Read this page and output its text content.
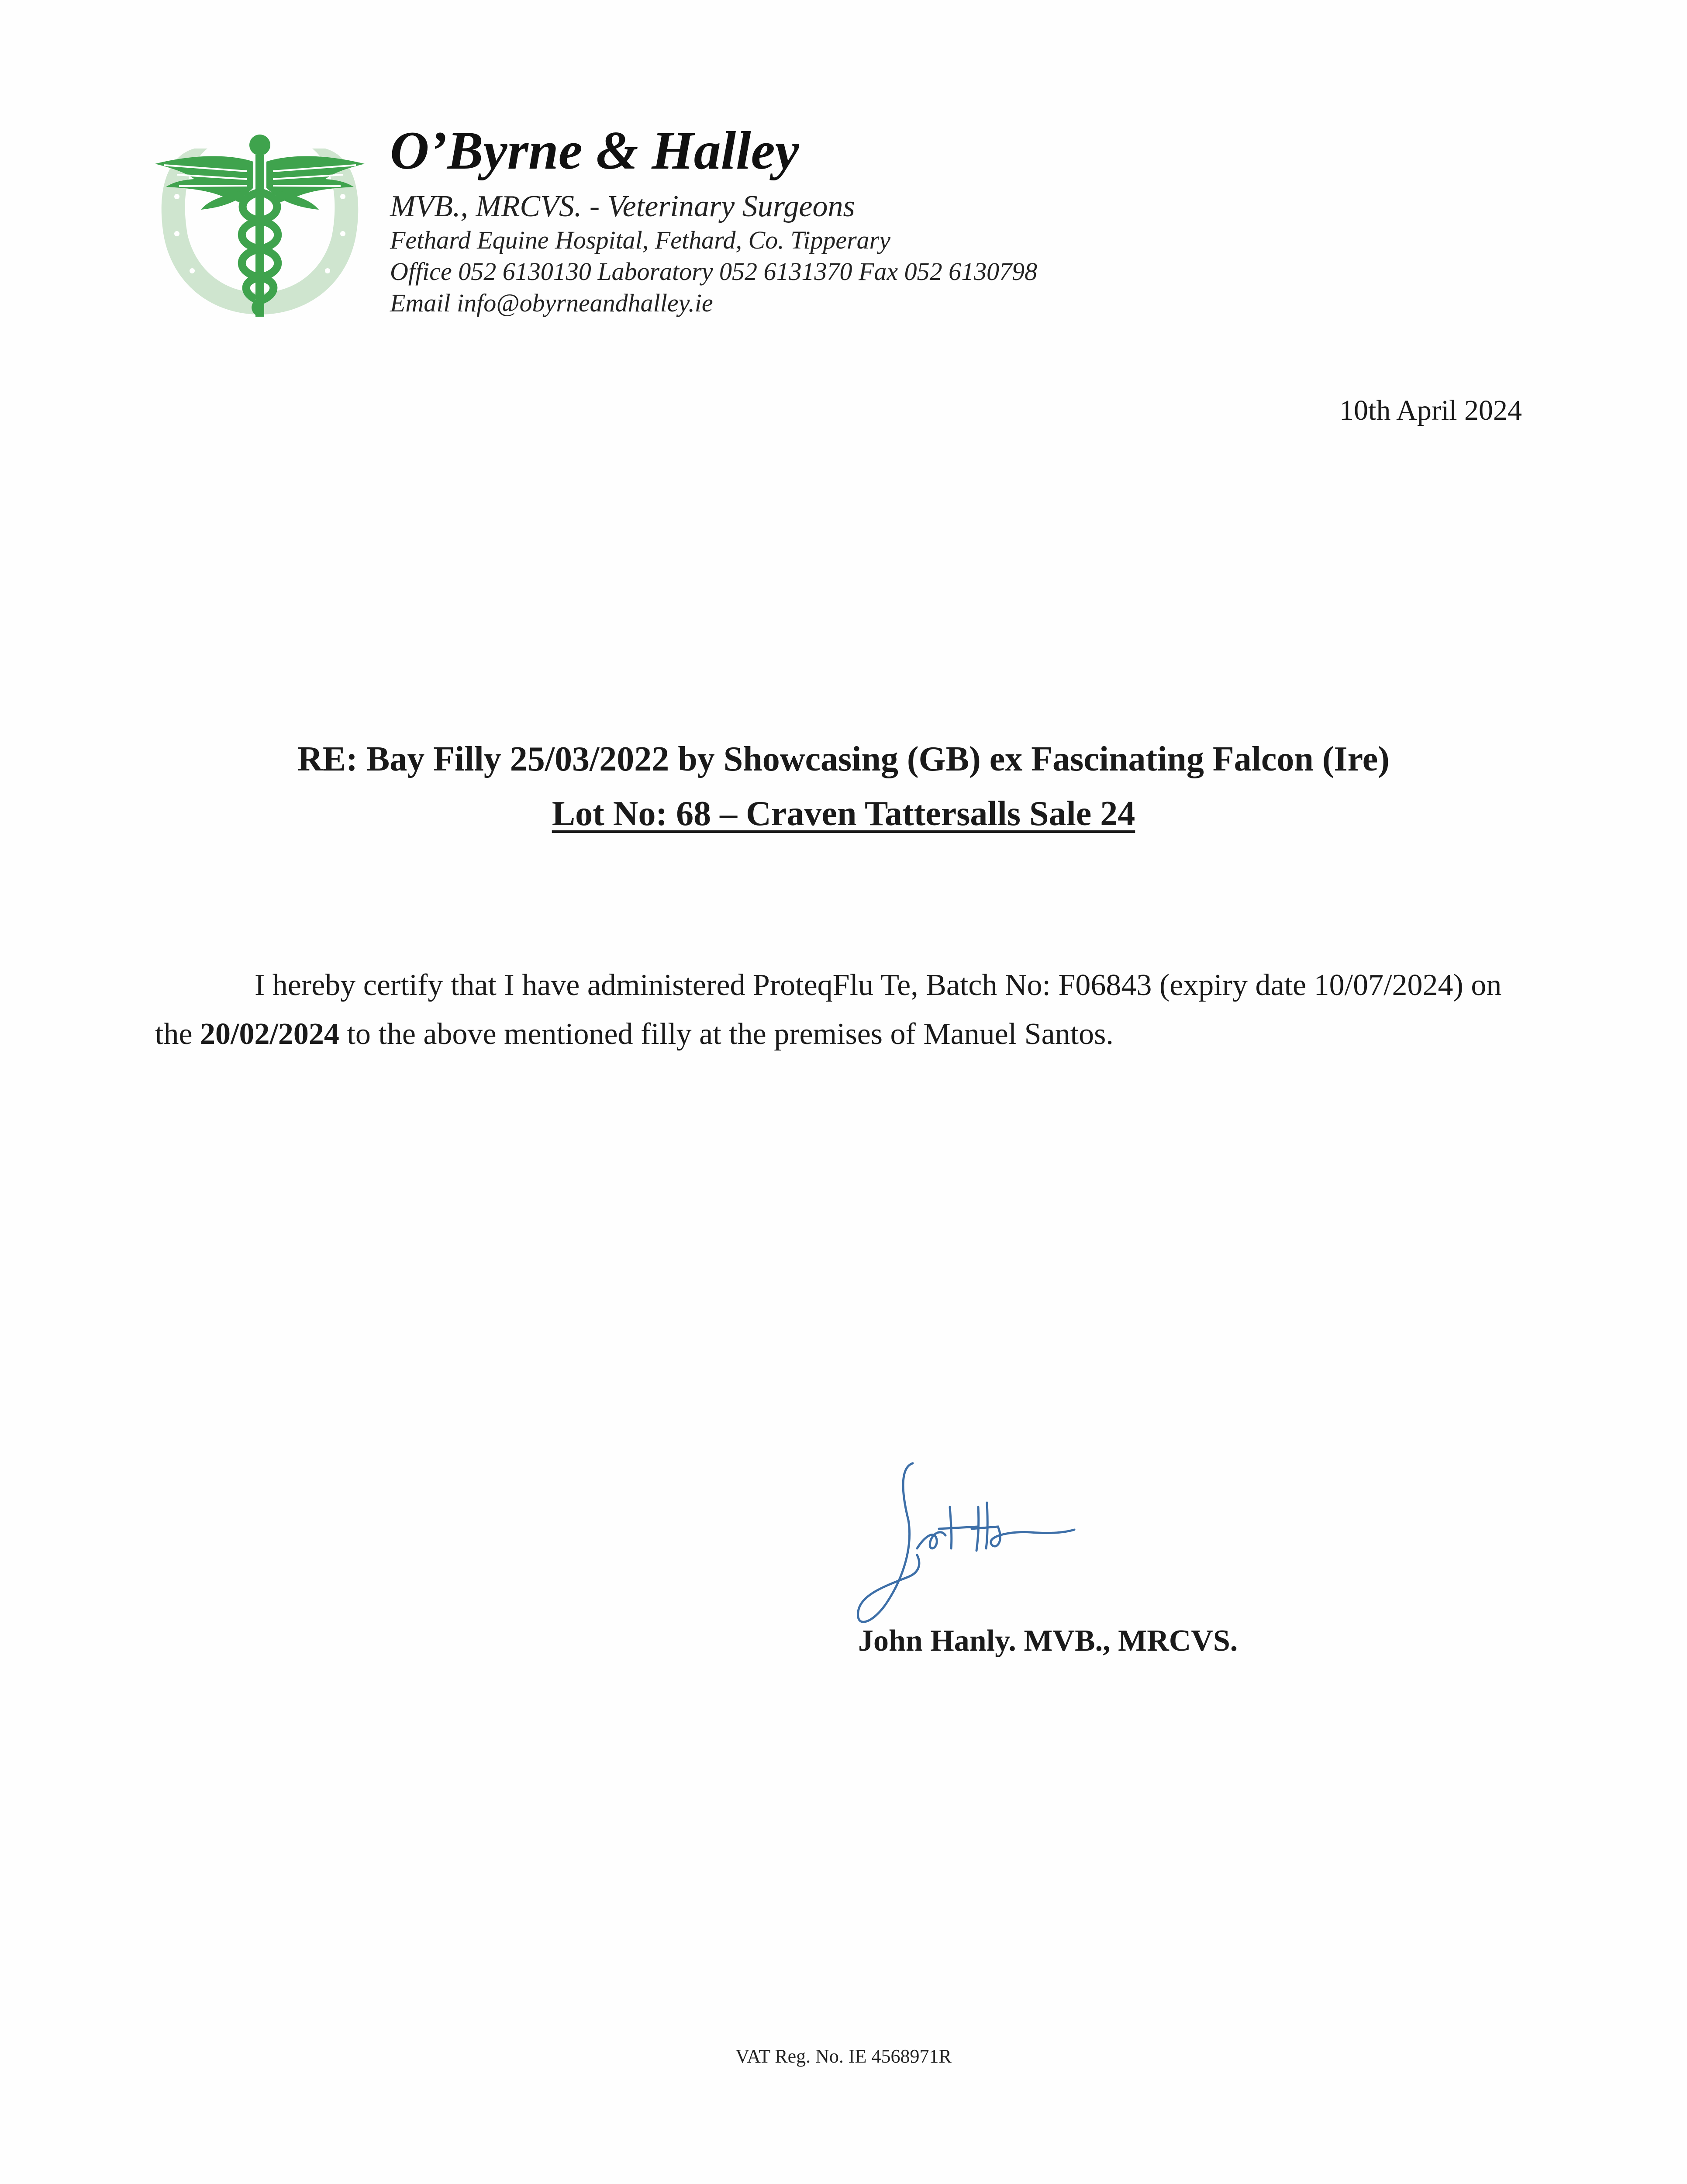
O’Byrne & Halley
MVB., MRCVS. - Veterinary Surgeons
Fethard Equine Hospital, Fethard, Co. Tipperary
Office 052 6130130 Laboratory 052 6131370 Fax 052 6130798
Email info@obyrneandhalley.ie
10th April 2024
RE: Bay Filly 25/03/2022 by Showcasing (GB) ex Fascinating Falcon (Ire)
Lot No: 68 – Craven Tattersalls Sale 24
I hereby certify that I have administered ProteqFlu Te, Batch No: F06843 (expiry date 10/07/2024) on the 20/02/2024 to the above mentioned filly at the premises of Manuel Santos.
John Hanly. MVB., MRCVS.
VAT Reg. No. IE 4568971R
